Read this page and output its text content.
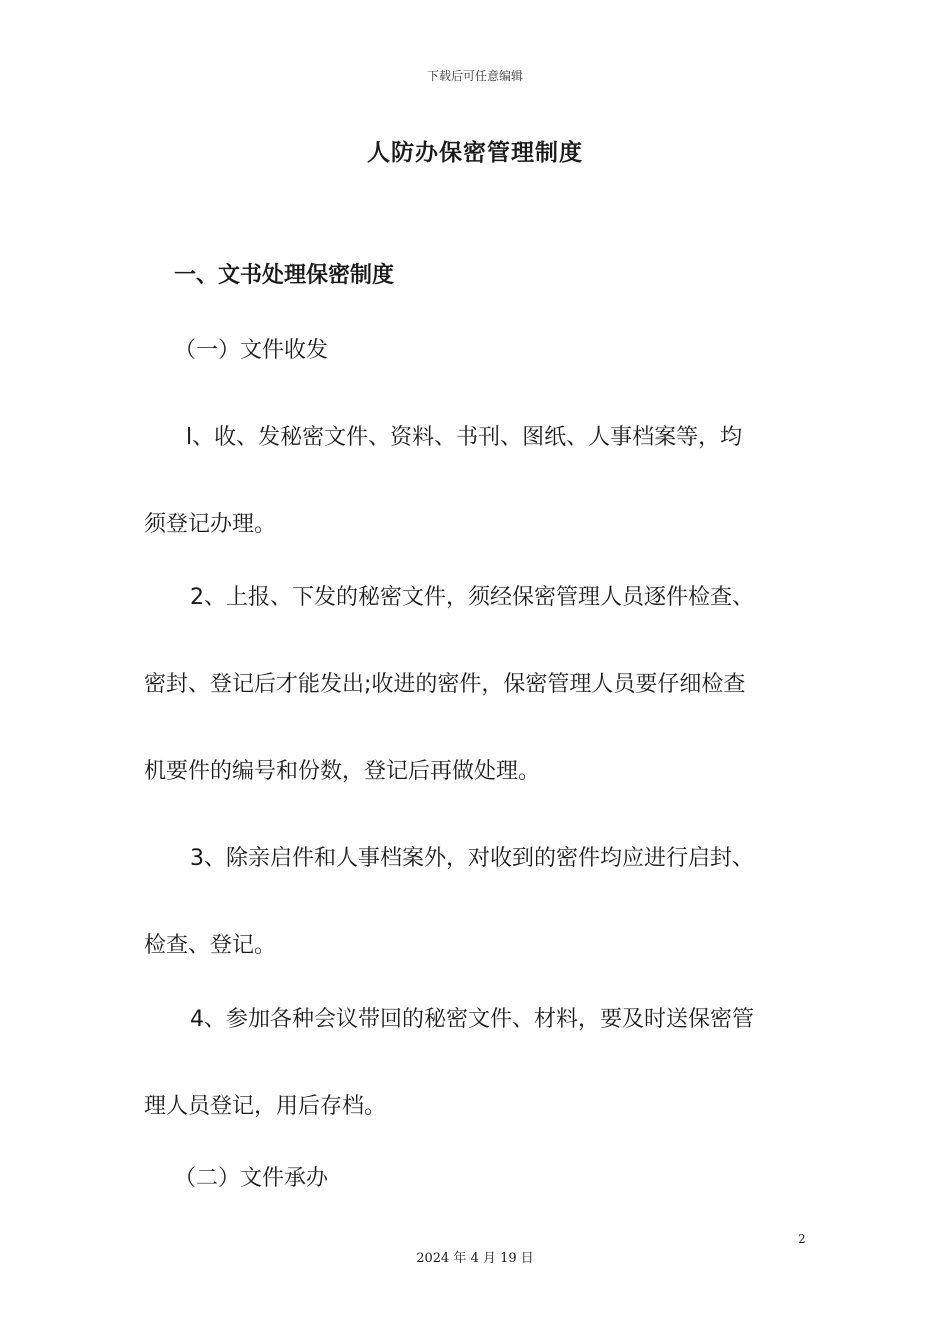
下载后可任意编辑
人防办保密管理制度
一、文书处理保密制度

（一）文件收发

l、收、发秘密文件、资料、书刊、图纸、人事档案等，均

须登记办理。

2、上报、下发的秘密文件，须经保密管理人员逐件检查、

密封、登记后才能发出;收进的密件，保密管理人员要仔细检查

机要件的编号和份数，登记后再做处理。

3、除亲启件和人事档案外，对收到的密件均应进行启封、

检查、登记。

4、参加各种会议带回的秘密文件、材料，要及时送保密管

理人员登记，用后存档。

（二）文件承办

2
2024 年 4 月 19 日
